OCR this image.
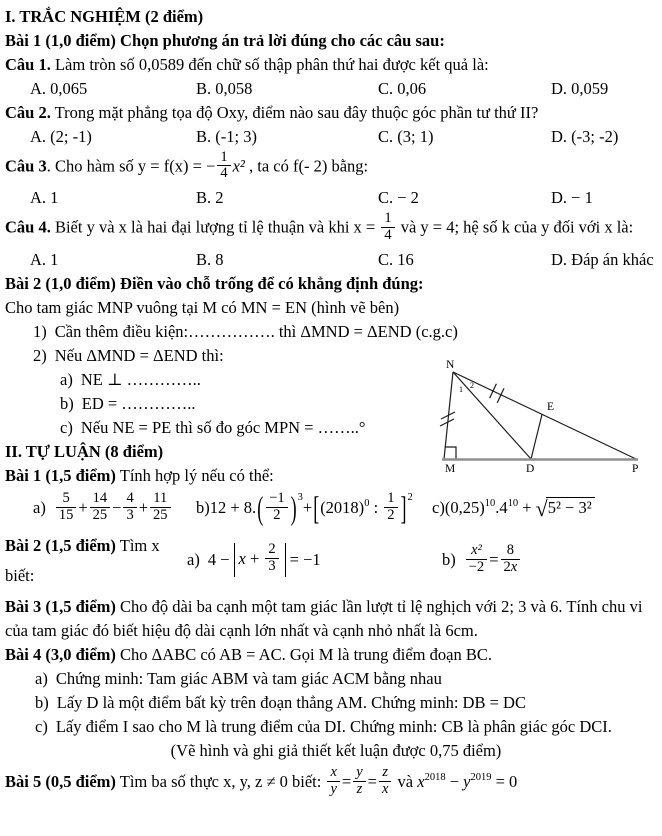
I. TRẮC NGHIỆM (2 điểm)
Bài 1 (1,0 điểm) Chọn phương án trả lời đúng cho các câu sau:
Câu 1. Làm tròn số 0,0589 đến chữ số thập phân thứ hai được kết quả là:
A. 0,065	B. 0,058	C. 0,06	D. 0,059
Câu 2. Trong mặt phẳng tọa độ Oxy, điểm nào sau đây thuộc góc phần tư thứ II?
A. (2; -1)	B. (-1; 3)	C. (3; 1)	D. (-3; -2)
Câu 3. Cho hàm số y = f(x) = − $\frac{1}{4} x^2$ , ta có f(- 2) bằng:
A. 1	B. 2	C. − 2	D. − 1
Câu 4. Biết y và x là hai đại lượng tỉ lệ thuận và khi $x = \frac{1}{4}$ và y = 4; hệ số k của y đối với x là:
A. 1	B. 8	C. 16	D. Đáp án khác
Bài 2 (1,0 điểm) Điền vào chỗ trống để có khẳng định đúng:
Cho tam giác MNP vuông tại M có MN = EN (hình vẽ bên)
1) Cần thêm điều kiện:……………. thì ΔMND = ΔEND (c.g.c)
2) Nếu ΔMND = ΔEND thì:
a) NE ⊥ …………..
b) ED = …………..
c) Nếu NE = PE thì số đo góc MPN = ……..°
N
M	D	P
E
1 2
II. TỰ LUẬN (8 điểm)
Bài 1 (1,5 điểm) Tính hợp lý nếu có thể:
$a) \frac{5}{15} + \frac{14}{25} - \frac{4}{3} + \frac{11}{25} b)12 + 8.( \frac{-1}{2} )^3+[(2018)^0$ : $\frac{1}{2} ]^2$
$c)(0,25)^{10}.4^{10}$ + √ 5² − 3²
Bài 2 (1,5 điểm) Tìm x biết:
a) $4 - x + \frac{2}{3} = -1$	$b) \frac{\text{x²}}{-2} = \frac{8}{2x}$
Bài 3 (1,5 điểm) Cho độ dài ba cạnh một tam giác lần lượt tỉ lệ nghịch với 2; 3 và 6. Tính chu vi của tam giác đó biết hiệu độ dài cạnh lớn nhất và cạnh nhỏ nhất là 6cm.
Bài 4 (3,0 điểm) Cho ΔABC có AB = AC. Gọi M là trung điểm đoạn BC.
a) Chứng minh: Tam giác ABM và tam giác ACM bằng nhau
b) Lấy D là một điểm bất kỳ trên đoạn thẳng AM. Chứng minh: DB = DC
c) Lấy điểm I sao cho M là trung điểm của DI. Chứng minh: CB là phân giác góc DCI.
(Vẽ hình và ghi giả thiết kết luận được 0,75 điểm)
Bài 5 (0,5 điểm) Tìm ba số thực x, y, z ≠ 0 biết: $\frac{x}{y} = \frac{y}{z} = \frac{z}{x}$ và $x^{2018} - y^{2019} = 0$
